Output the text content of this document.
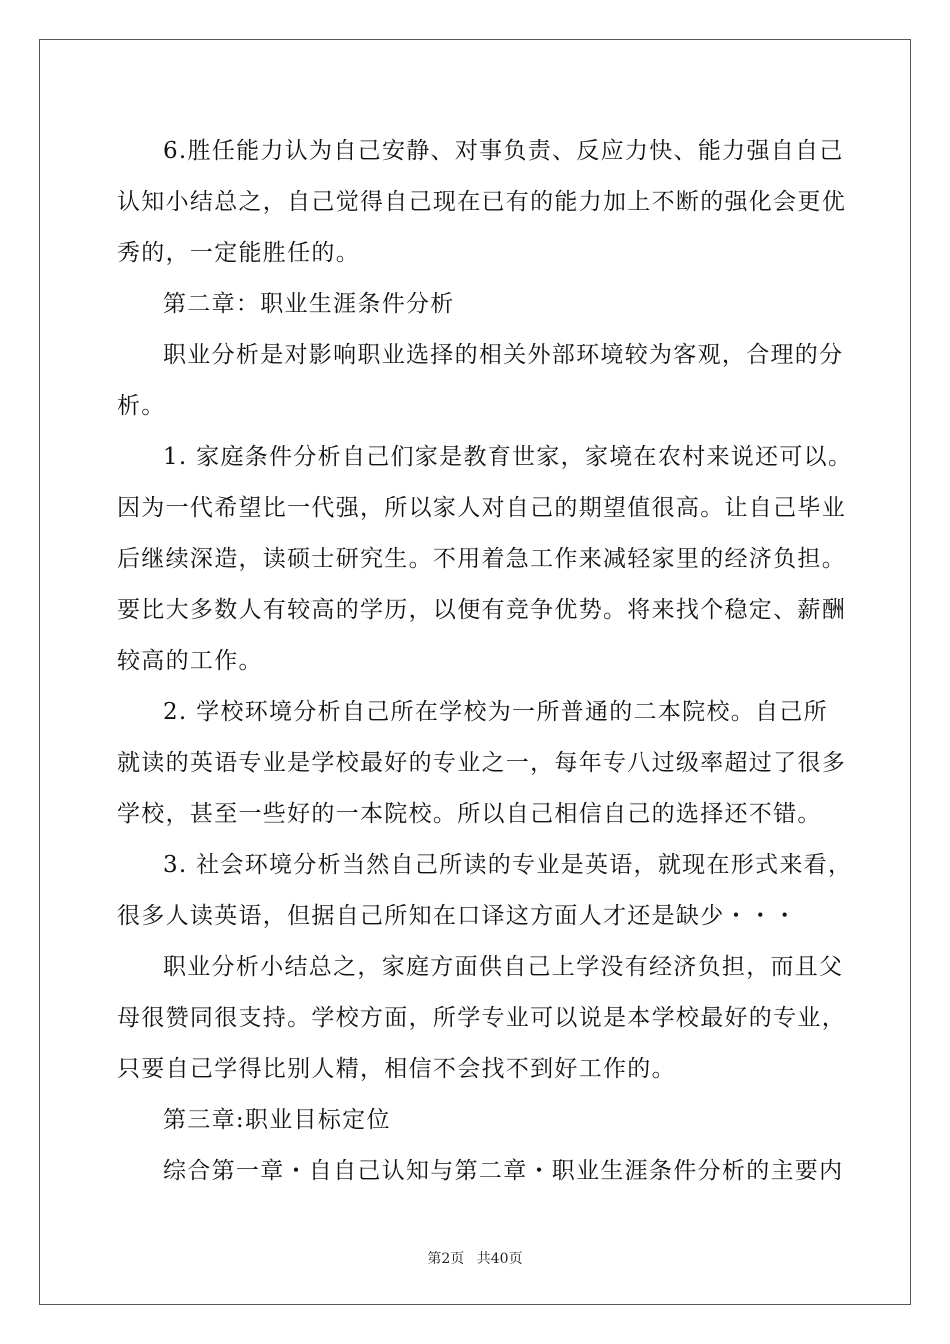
6.胜任能力认为自己安静、对事负责、反应力快、能力强自自己
认知小结总之，自己觉得自己现在已有的能力加上不断的强化会更优
秀的，一定能胜任的。
第二章：职业生涯条件分析
职业分析是对影响职业选择的相关外部环境较为客观，合理的分
析。
1. 家庭条件分析自己们家是教育世家，家境在农村来说还可以。
因为一代希望比一代强，所以家人对自己的期望值很高。让自己毕业
后继续深造，读硕士研究生。不用着急工作来减轻家里的经济负担。
要比大多数人有较高的学历，以便有竞争优势。将来找个稳定、薪酬
较高的工作。
2. 学校环境分析自己所在学校为一所普通的二本院校。自己所
就读的英语专业是学校最好的专业之一，每年专八过级率超过了很多
学校，甚至一些好的一本院校。所以自己相信自己的选择还不错。
3. 社会环境分析当然自己所读的专业是英语，就现在形式来看，
很多人读英语，但据自己所知在口译这方面人才还是缺少・・・
职业分析小结总之，家庭方面供自己上学没有经济负担，而且父
母很赞同很支持。学校方面，所学专业可以说是本学校最好的专业，
只要自己学得比别人精，相信不会找不到好工作的。
第三章:职业目标定位
综合第一章・自自己认知与第二章・职业生涯条件分析的主要内
第2页 共40页
